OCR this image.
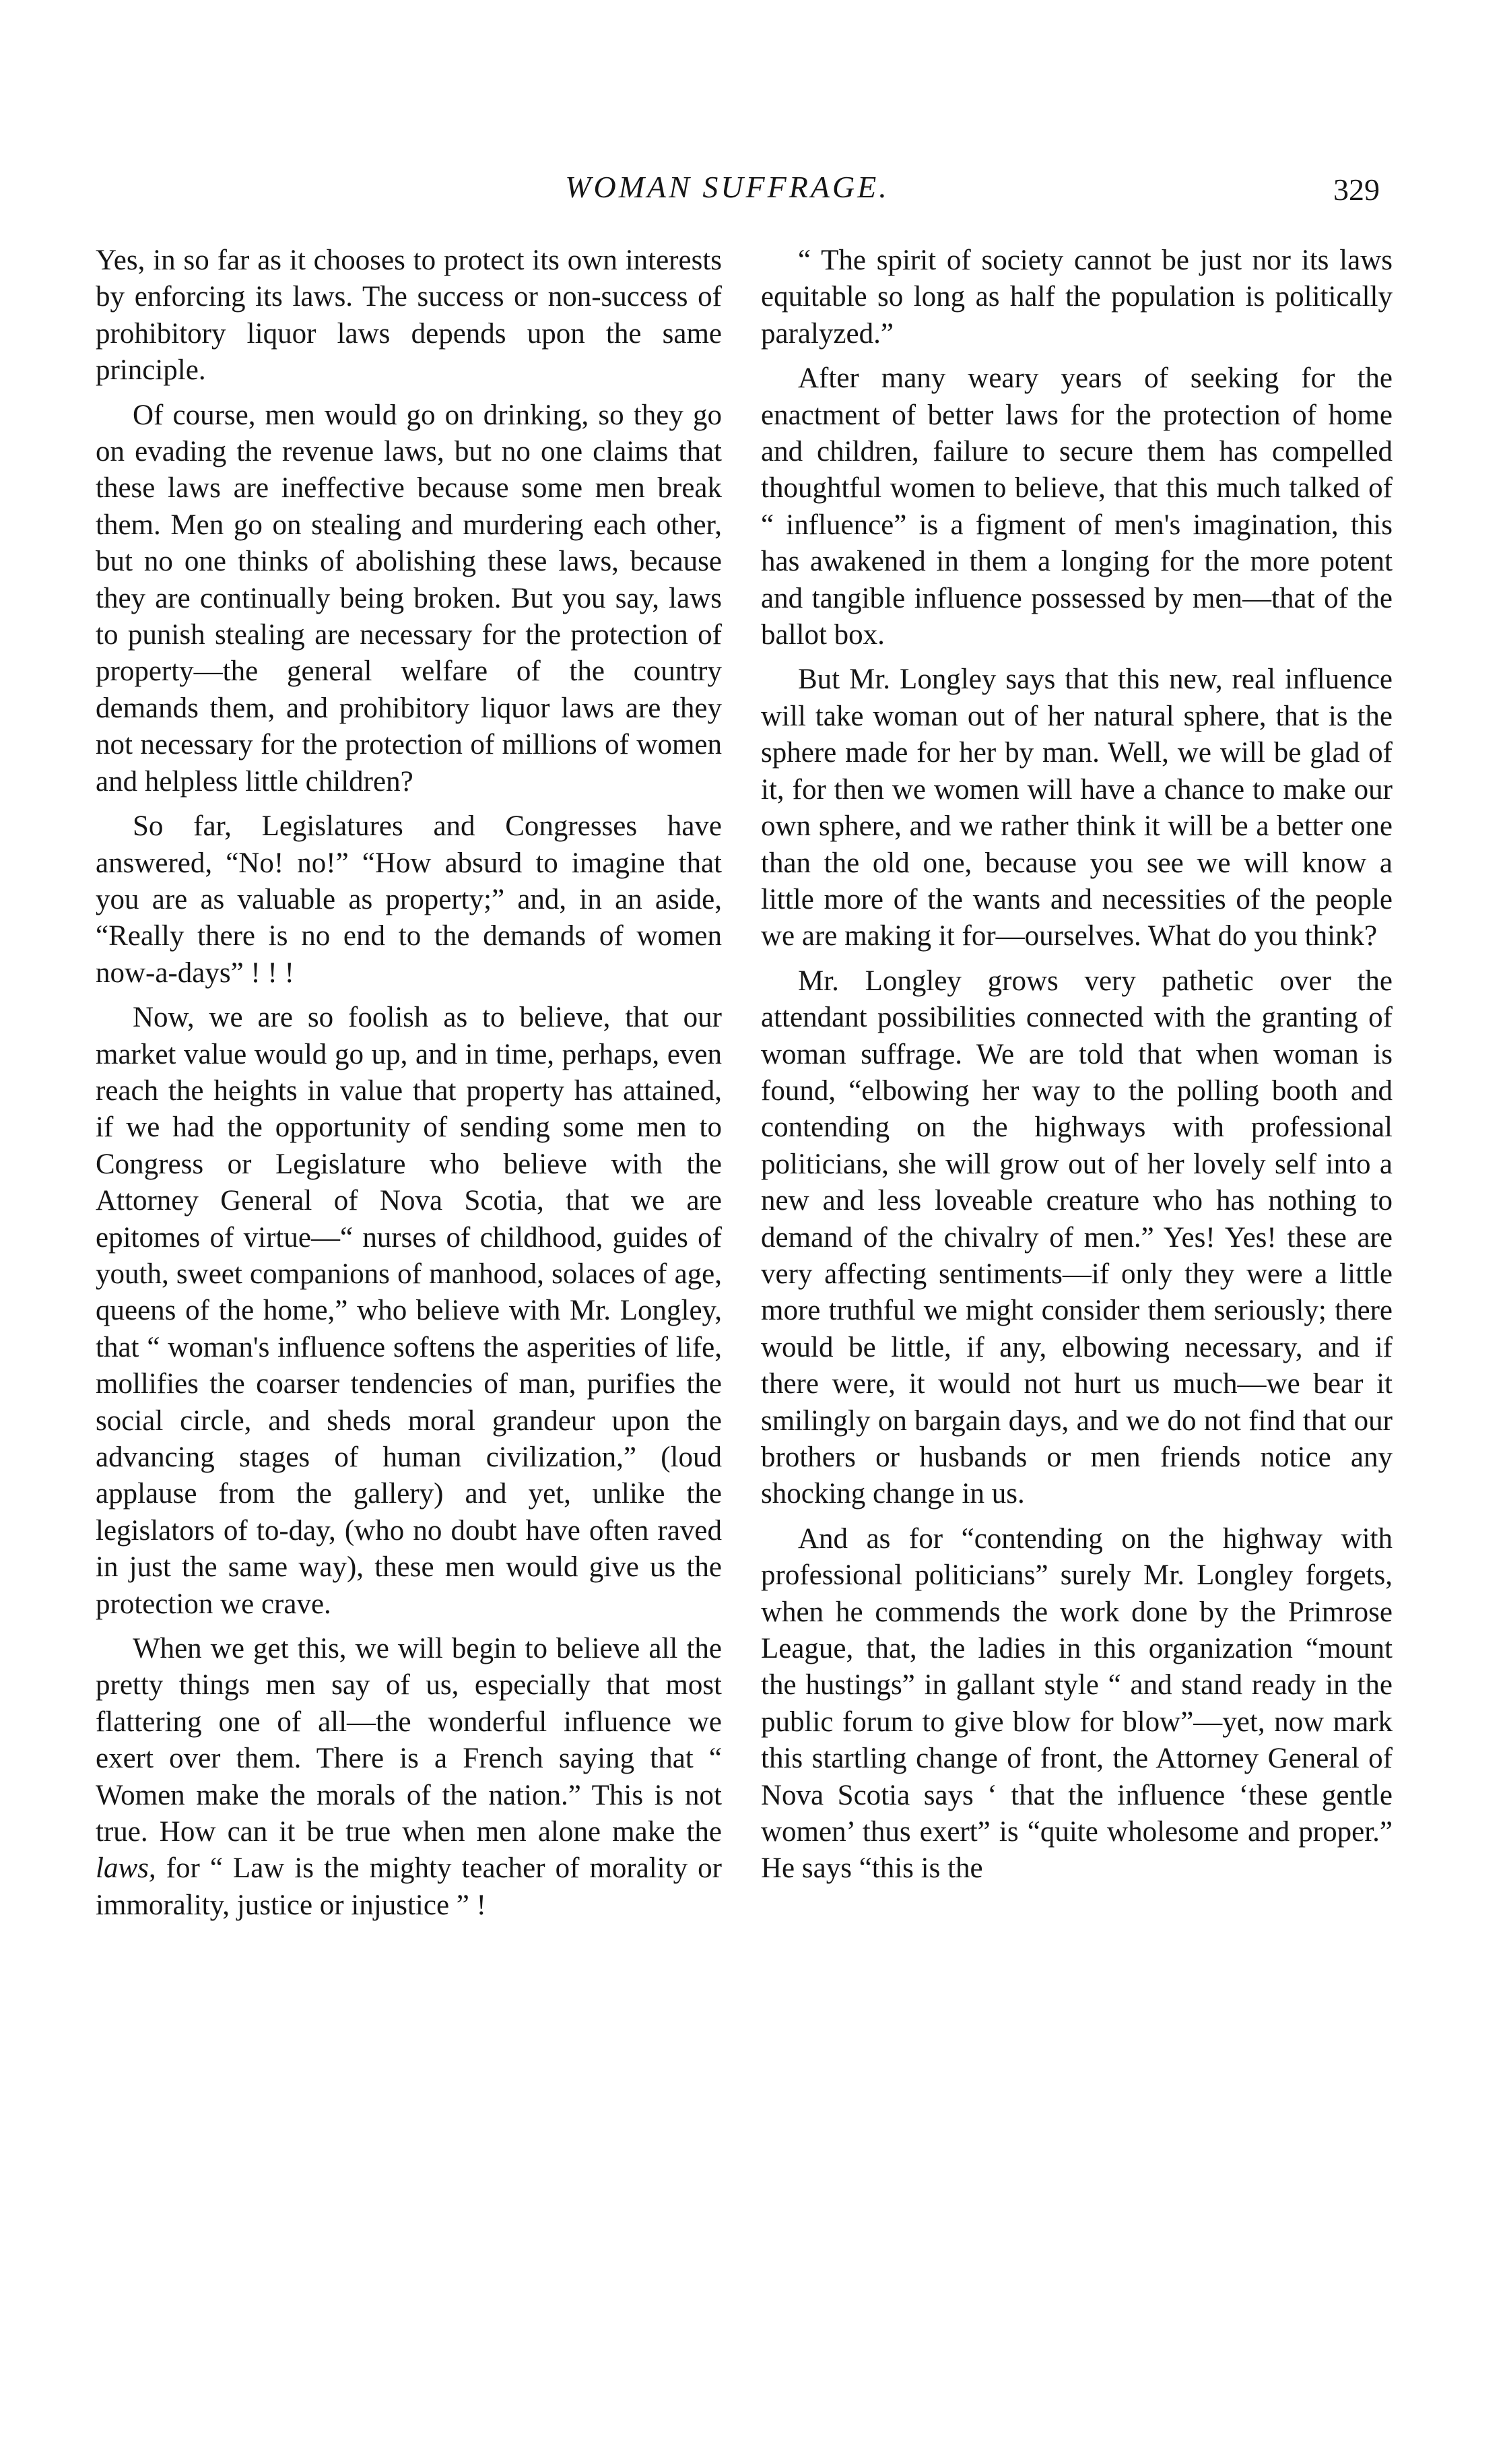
WOMAN SUFFRAGE.	329

Yes, in so far as it chooses to protect its own interests by enforcing its laws. The success or non-success of prohibitory liquor laws depends upon the same principle.

Of course, men would go on drinking, so they go on evading the revenue laws, but no one claims that these laws are ineffective because some men break them. Men go on stealing and murdering each other, but no one thinks of abolishing these laws, because they are continually being broken. But you say, laws to punish stealing are necessary for the protection of property—the general welfare of the country demands them, and prohibitory liquor laws are they not necessary for the protection of millions of women and helpless little children?

So far, Legislatures and Congresses have answered, “No! no!” “How absurd to imagine that you are as valuable as property;” and, in an aside, “Really there is no end to the demands of women now-a-days” ! ! !

Now, we are so foolish as to believe, that our market value would go up, and in time, perhaps, even reach the heights in value that property has attained, if we had the opportunity of sending some men to Congress or Legislature who believe with the Attorney General of Nova Scotia, that we are epitomes of virtue—“ nurses of childhood, guides of youth, sweet companions of manhood, solaces of age, queens of the home,” who believe with Mr. Longley, that “ woman's influence softens the asperities of life, mollifies the coarser tendencies of man, purifies the social circle, and sheds moral grandeur upon the advancing stages of human civilization,” (loud applause from the gallery) and yet, unlike the legislators of to-day, (who no doubt have often raved in just the same way), these men would give us the protection we crave.

When we get this, we will begin to believe all the pretty things men say of us, especially that most flattering one of all—the wonderful influence we exert over them. There is a French saying that “ Women make the morals of the nation.” This is not true. How can it be true when men alone make the laws, for “ Law is the mighty teacher of morality or immorality, justice or injustice ” !

“ The spirit of society cannot be just nor its laws equitable so long as half the population is politically paralyzed.”

After many weary years of seeking for the enactment of better laws for the protection of home and children, failure to secure them has compelled thoughtful women to believe, that this much talked of “ influence” is a figment of men's imagination, this has awakened in them a longing for the more potent and tangible influence possessed by men—that of the ballot box.

But Mr. Longley says that this new, real influence will take woman out of her natural sphere, that is the sphere made for her by man. Well, we will be glad of it, for then we women will have a chance to make our own sphere, and we rather think it will be a better one than the old one, because you see we will know a little more of the wants and necessities of the people we are making it for—ourselves. What do you think?

Mr. Longley grows very pathetic over the attendant possibilities connected with the granting of woman suffrage. We are told that when woman is found, “elbowing her way to the polling booth and contending on the highways with professional politicians, she will grow out of her lovely self into a new and less loveable creature who has nothing to demand of the chivalry of men.” Yes! Yes! these are very affecting sentiments—if only they were a little more truthful we might consider them seriously; there would be little, if any, elbowing necessary, and if there were, it would not hurt us much—we bear it smilingly on bargain days, and we do not find that our brothers or husbands or men friends notice any shocking change in us.

And as for “contending on the highway with professional politicians” surely Mr. Longley forgets, when he commends the work done by the Primrose League, that, the ladies in this organization “mount the hustings” in gallant style “ and stand ready in the public forum to give blow for blow”—yet, now mark this startling change of front, the Attorney General of Nova Scotia says ‘ that the influence ‘these gentle women’ thus exert” is “quite wholesome and proper.” He says “this is the
